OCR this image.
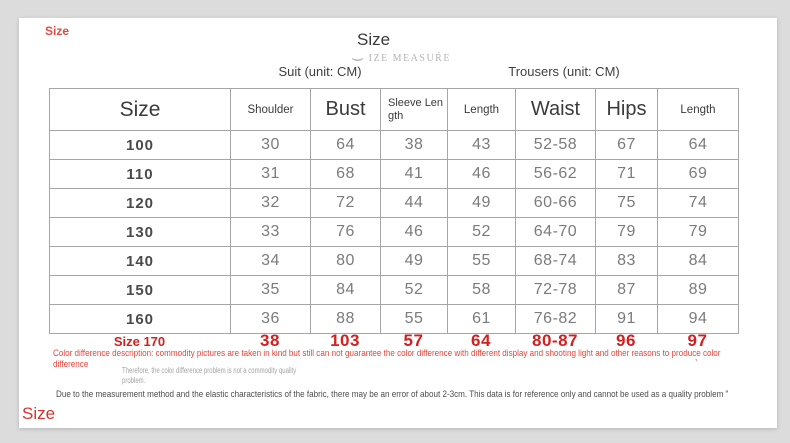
Size	Size
⌣ IZE MEASUŔE
Suit (unit: CM)	Trousers (unit: CM)
Size	Shoulder	Bust	Sleeve Length	Length	Waist	Hips	Length
100	30	64	38	43	52-58	67	64
110	31	68	41	46	56-62	71	69
120	32	72	44	49	60-66	75	74
130	33	76	46	52	64-70	79	79
140	34	80	49	55	68-74	83	84
150	35	84	52	58	72-78	87	89
160	36	88	55	61	76-82	91	94
Size 170	38	103	57	64	80-87	96	97
Color difference description: commodity pictures are taken in kind but still can not guarantee the color difference with different display and shooting light and other reasons to produce color
difference	’
Therefore, the color difference problem is not a commodity quality
problem.
Due to the measurement method and the elastic characteristics of the fabric, there may be an error of about 2-3cm. This data is for reference only and cannot be used as a quality problem "
Size
